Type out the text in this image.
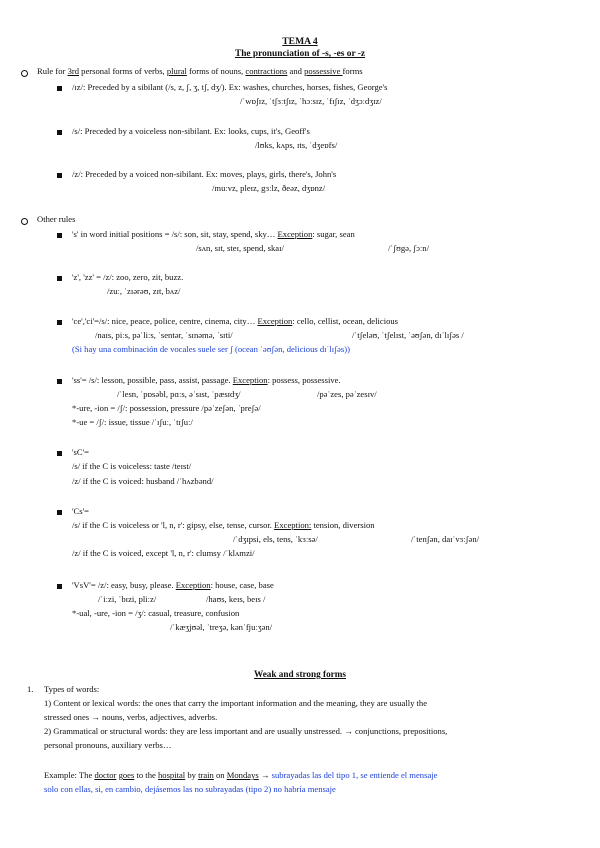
TEMA 4
The pronunciation of -s, -es or -z
Rule for 3rd personal forms of verbs, plural forms of nouns, contractions and possessive forms
/ɪz/: Preceded by a sibilant (/s, z, ʃ, ʒ, tʃ, dʒ/). Ex: washes, churches, horses, fishes, George's
/ˈwɒʃɪz, ˈtʃɜːtʃɪz, ˈhɔːsɪz, ˈfɪʃɪz, ˈdʒɔːdʒɪz/
/s/: Preceded by a voiceless non-sibilant. Ex: looks, cups, it's, Geoff's
/lʊks, kʌps, ɪts, ˈdʒeɒfs/
/z/: Preceded by a voiced non-sibilant. Ex: moves, plays, girls, there's, John's
/muːvz, pleɪz, gɜːlz, ðeəz, dʒɒnz/
Other rules
's' in word initial positions = /s/: son, sit, stay, spend, sky… Exception: sugar, sean
/sʌn, sɪt, steɪ, spend, skaɪ/	/ˈʃʊgə, ʃɔːn/
'z', 'zz' = /z/: zoo, zero, zit, buzz.
/zuː, ˈzɪərəʊ, zɪt, bʌz/
'ce','ci'=/s/: nice, peace, police, centre, cinema, city… Exception: cello, cellist, ocean, delicious
/naɪs, piːs, pəˈliːs, ˈsentər, ˈsɪnəmə, ˈsɪti/	/ˈtʃeləʊ, ˈtʃelɪst, ˈəʊʃən, dɪˈlɪʃəs /
(Si hay una combinación de vocales suele ser ʃ (ocean ˈəʊʃən, delicious dɪˈlɪʃəs))
'ss'= /s/: lesson, possible, pass, assist, passage. Exception: possess, possessive.
/ˈlesn, ˈpɒsəbl, pɑːs, əˈsɪst, ˈpæsɪdʒ/	/pəˈzes, pəˈzesɪv/
*-ure, -ion = /ʃ/: possession, pressure /pəˈzeʃən, ˈpreʃə/
*-ue = /ʃ/: issue, tissue /ˈɪʃuː, ˈtɪʃuː/
'sC'=
/s/ if the C is voiceless: taste /teɪst/
/z/ if the C is voiced: husband /ˈhʌzbənd/
'Cs'=
/s/ if the C is voiceless or 'l, n, r': gipsy, else, tense, cursor. Exception: tension, diversion
/ˈdʒɪpsi, els, tens, ˈkɜːsə/	/ˈtenʃən, daɪˈvɜːʃən/
/z/ if the C is voiced, except 'l, n, r': clumsy /ˈklʌmzi/
'VsV'= /z/: easy, busy, please. Exception: house, case, base
/ˈiːzi, ˈbɪzi, pliːz/	/haʊs, keɪs, beɪs /
*-ual, -ure, -ion = /ʒ/: casual, treasure, confusion
/ˈkæʒjʊəl, ˈtreʒə, kənˈfjuːʒən/
Weak and strong forms
1. Types of words:
1) Content or lexical words: the ones that carry the important information and the meaning, they are usually the
stressed ones → nouns, verbs, adjectives, adverbs.
2) Grammatical or structural words: they are less important and are usually unstressed. → conjunctions, prepositions,
personal pronouns, auxiliary verbs…
Example: The doctor goes to the hospital by train on Mondays → subrayadas las del tipo 1, se entiende el mensaje
solo con ellas, si, en cambio, dejásemos las no subrayadas (tipo 2) no habría mensaje
